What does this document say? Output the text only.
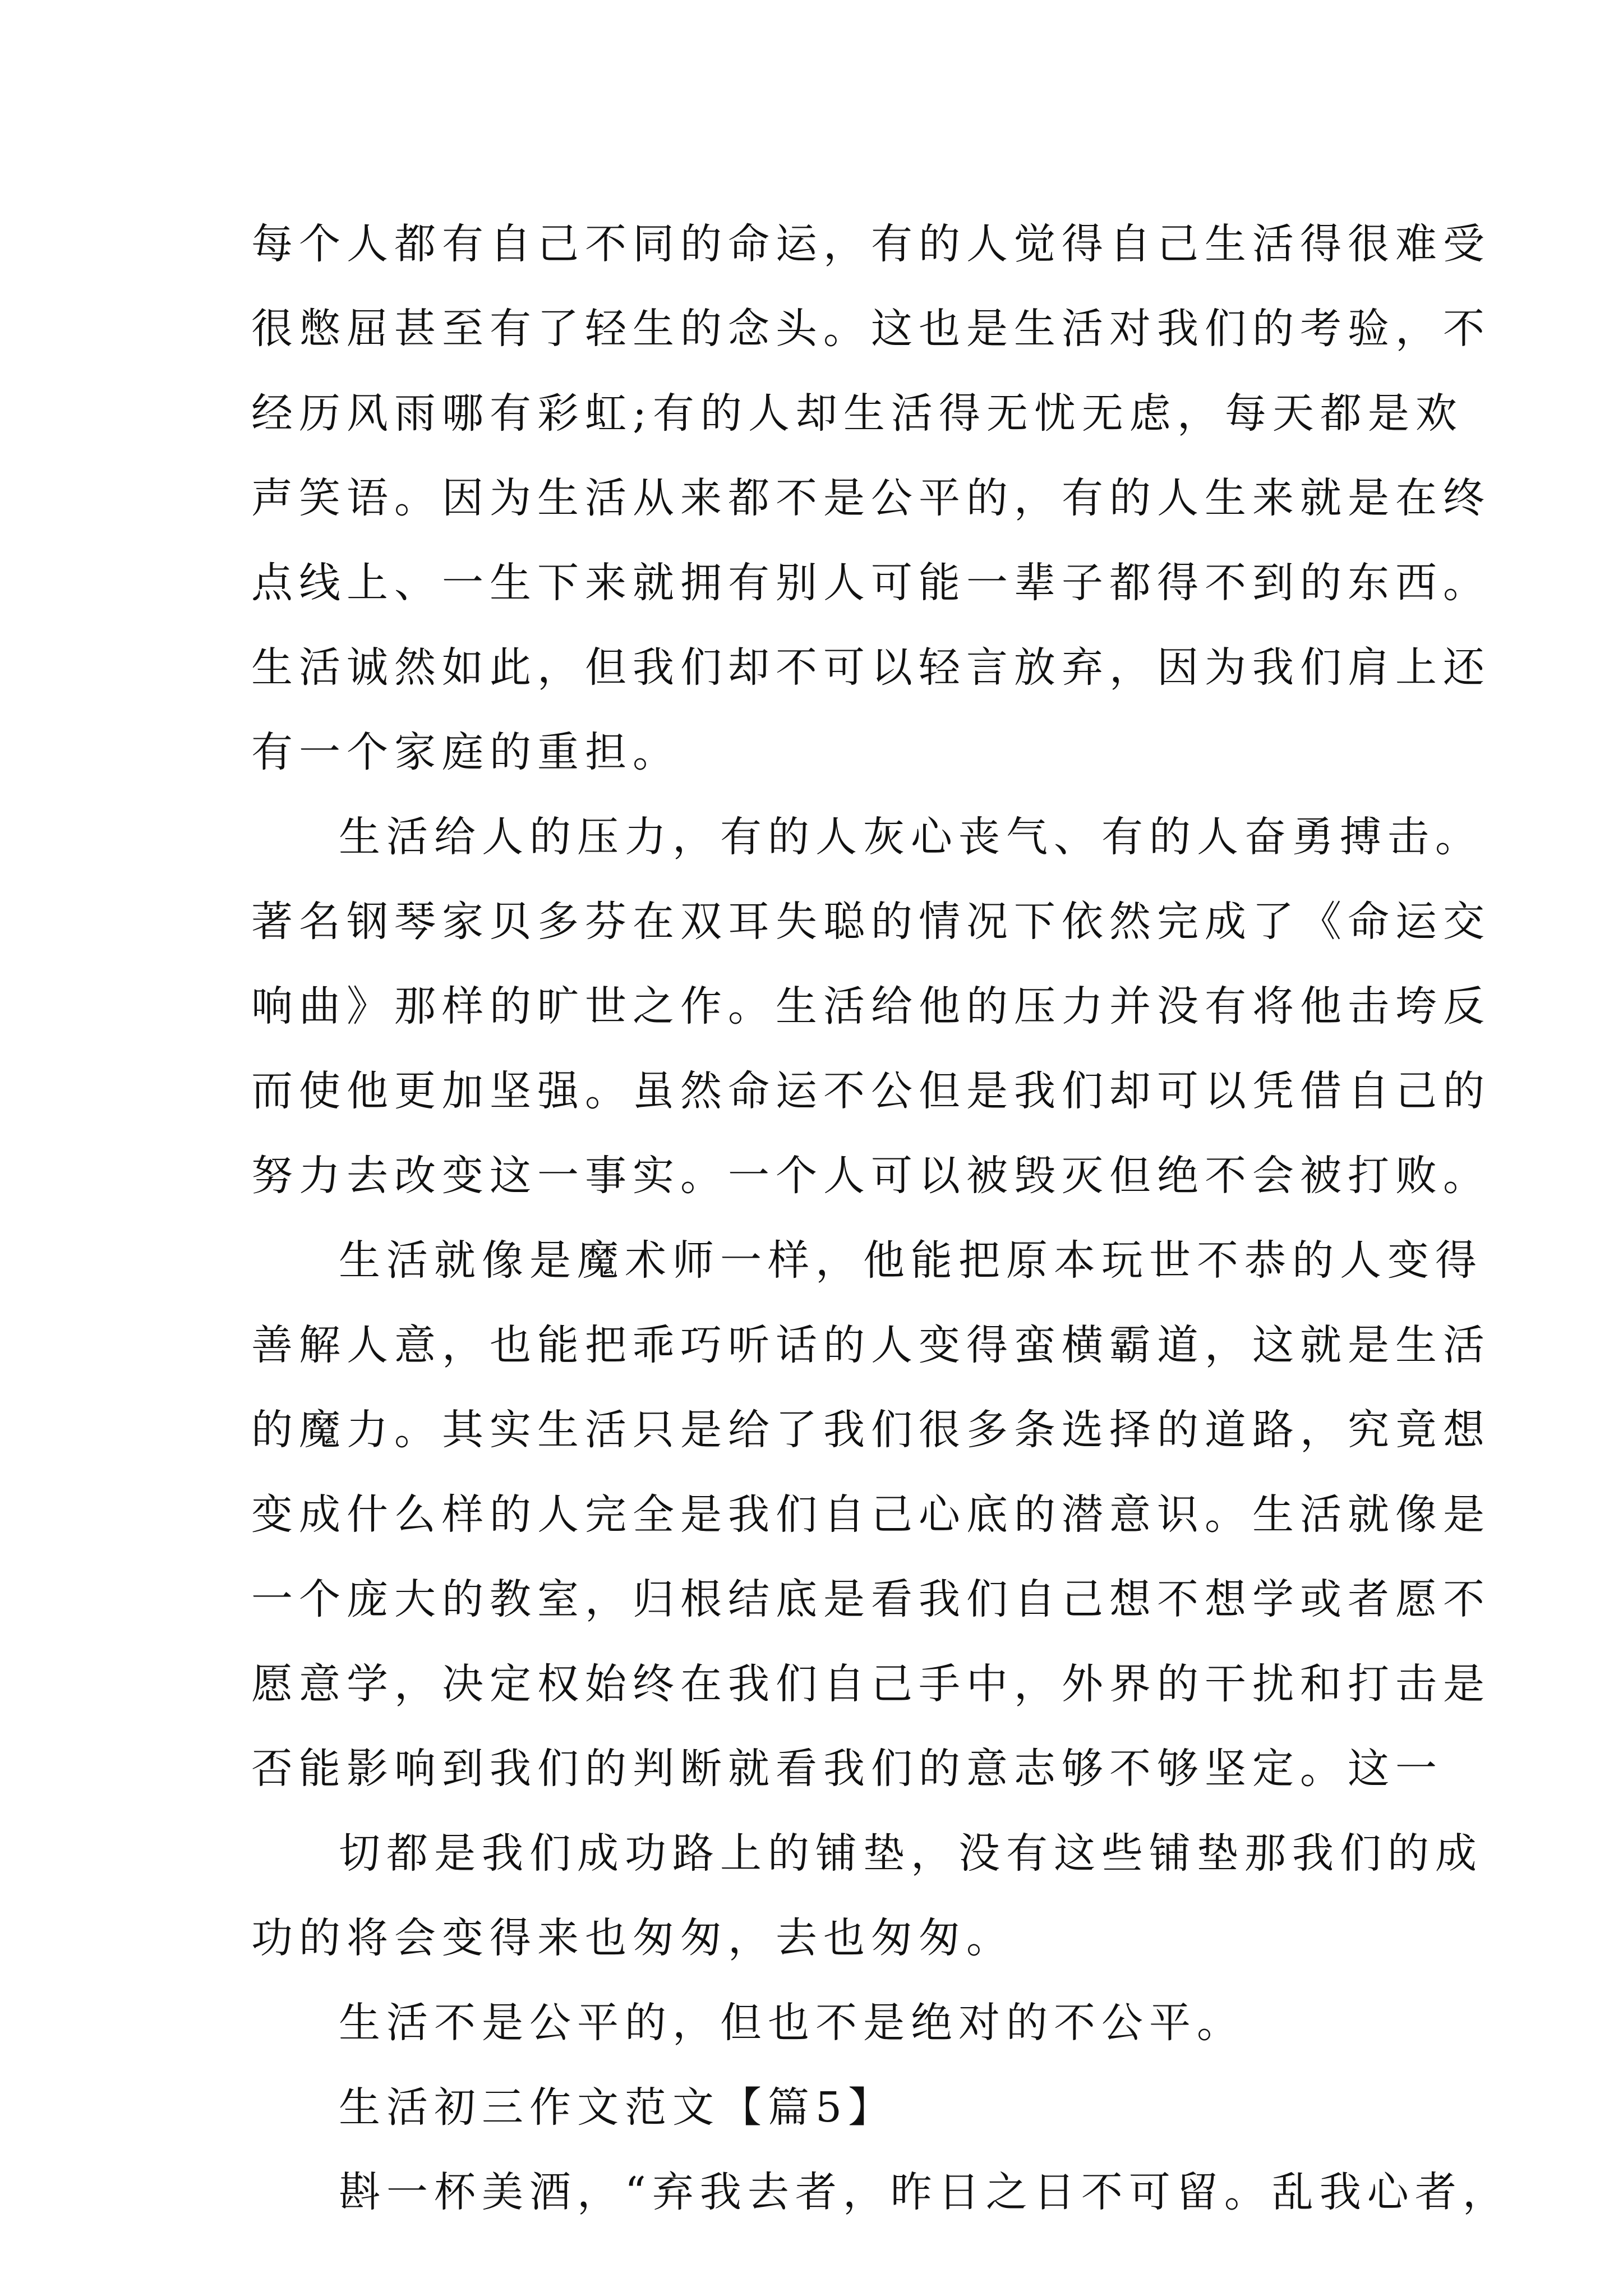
每个人都有自己不同的命运，有的人觉得自己生活得很难受

很憋屈甚至有了轻生的念头。这也是生活对我们的考验，不

经历风雨哪有彩虹;有的人却生活得无忧无虑，每天都是欢

声笑语。因为生活从来都不是公平的，有的人生来就是在终

点线上、一生下来就拥有别人可能一辈子都得不到的东西。

生活诚然如此，但我们却不可以轻言放弃，因为我们肩上还

有一个家庭的重担。

生活给人的压力，有的人灰心丧气、有的人奋勇搏击。

著名钢琴家贝多芬在双耳失聪的情况下依然完成了《命运交

响曲》那样的旷世之作。生活给他的压力并没有将他击垮反

而使他更加坚强。虽然命运不公但是我们却可以凭借自己的

努力去改变这一事实。一个人可以被毁灭但绝不会被打败。

生活就像是魔术师一样，他能把原本玩世不恭的人变得

善解人意，也能把乖巧听话的人变得蛮横霸道，这就是生活

的魔力。其实生活只是给了我们很多条选择的道路，究竟想

变成什么样的人完全是我们自己心底的潜意识。生活就像是

一个庞大的教室，归根结底是看我们自己想不想学或者愿不

愿意学，决定权始终在我们自己手中，外界的干扰和打击是

否能影响到我们的判断就看我们的意志够不够坚定。这一

切都是我们成功路上的铺垫，没有这些铺垫那我们的成

功的将会变得来也匆匆，去也匆匆。

生活不是公平的，但也不是绝对的不公平。

生活初三作文范文【篇5】

斟一杯美酒，“弃我去者，昨日之日不可留。乱我心者，
